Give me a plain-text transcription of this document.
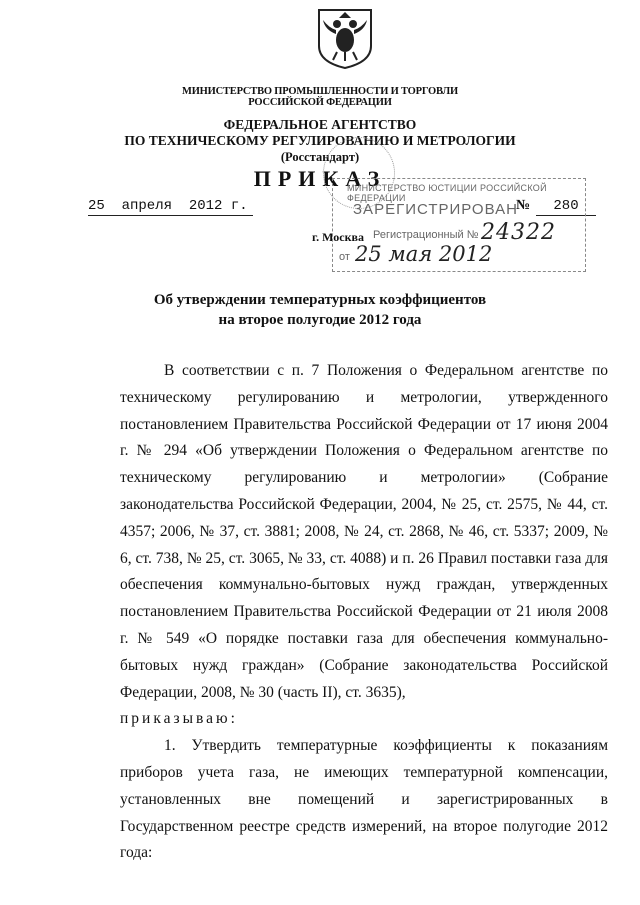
МИНИСТЕРСТВО ПРОМЫШЛЕННОСТИ И ТОРГОВЛИ
РОССИЙСКОЙ ФЕДЕРАЦИИ
ФЕДЕРАЛЬНОЕ АГЕНТСТВО
ПО ТЕХНИЧЕСКОМУ РЕГУЛИРОВАНИЮ И МЕТРОЛОГИИ
(Росстандарт)
ПРИКАЗ
25  апреля  2012 г.	№	280
г. Москва
МИНИСТЕРСТВО ЮСТИЦИИ РОССИЙСКОЙ ФЕДЕРАЦИИ
ЗАРЕГИСТРИРОВАН
Регистрационный № 24322
от 25 мая 2012
Об утверждении температурных коэффициентов
на второе полугодие 2012 года

В соответствии с п. 7 Положения о Федеральном агентстве по техническому регулированию и метрологии, утвержденного постановлением Правительства Российской Федерации от 17 июня 2004 г. № 294 «Об утверждении Положения о Федеральном агентстве по техническому регулированию и метрологии» (Собрание законодательства Российской Федерации, 2004, № 25, ст. 2575, № 44, ст. 4357; 2006, № 37, ст. 3881; 2008, № 24, ст. 2868, № 46, ст. 5337; 2009, № 6, ст. 738, № 25, ст. 3065, № 33, ст. 4088) и п. 26 Правил поставки газа для обеспечения коммунально-бытовых нужд граждан, утвержденных постановлением Правительства Российской Федерации от 21 июля 2008 г. № 549 «О порядке поставки газа для обеспечения коммунально-бытовых нужд граждан» (Собрание законодательства Российской Федерации, 2008, № 30 (часть II), ст. 3635),

приказываю:

1. Утвердить температурные коэффициенты к показаниям приборов учета газа, не имеющих температурной компенсации, установленных вне помещений и зарегистрированных в Государственном реестре средств измерений, на второе полугодие 2012 года:
